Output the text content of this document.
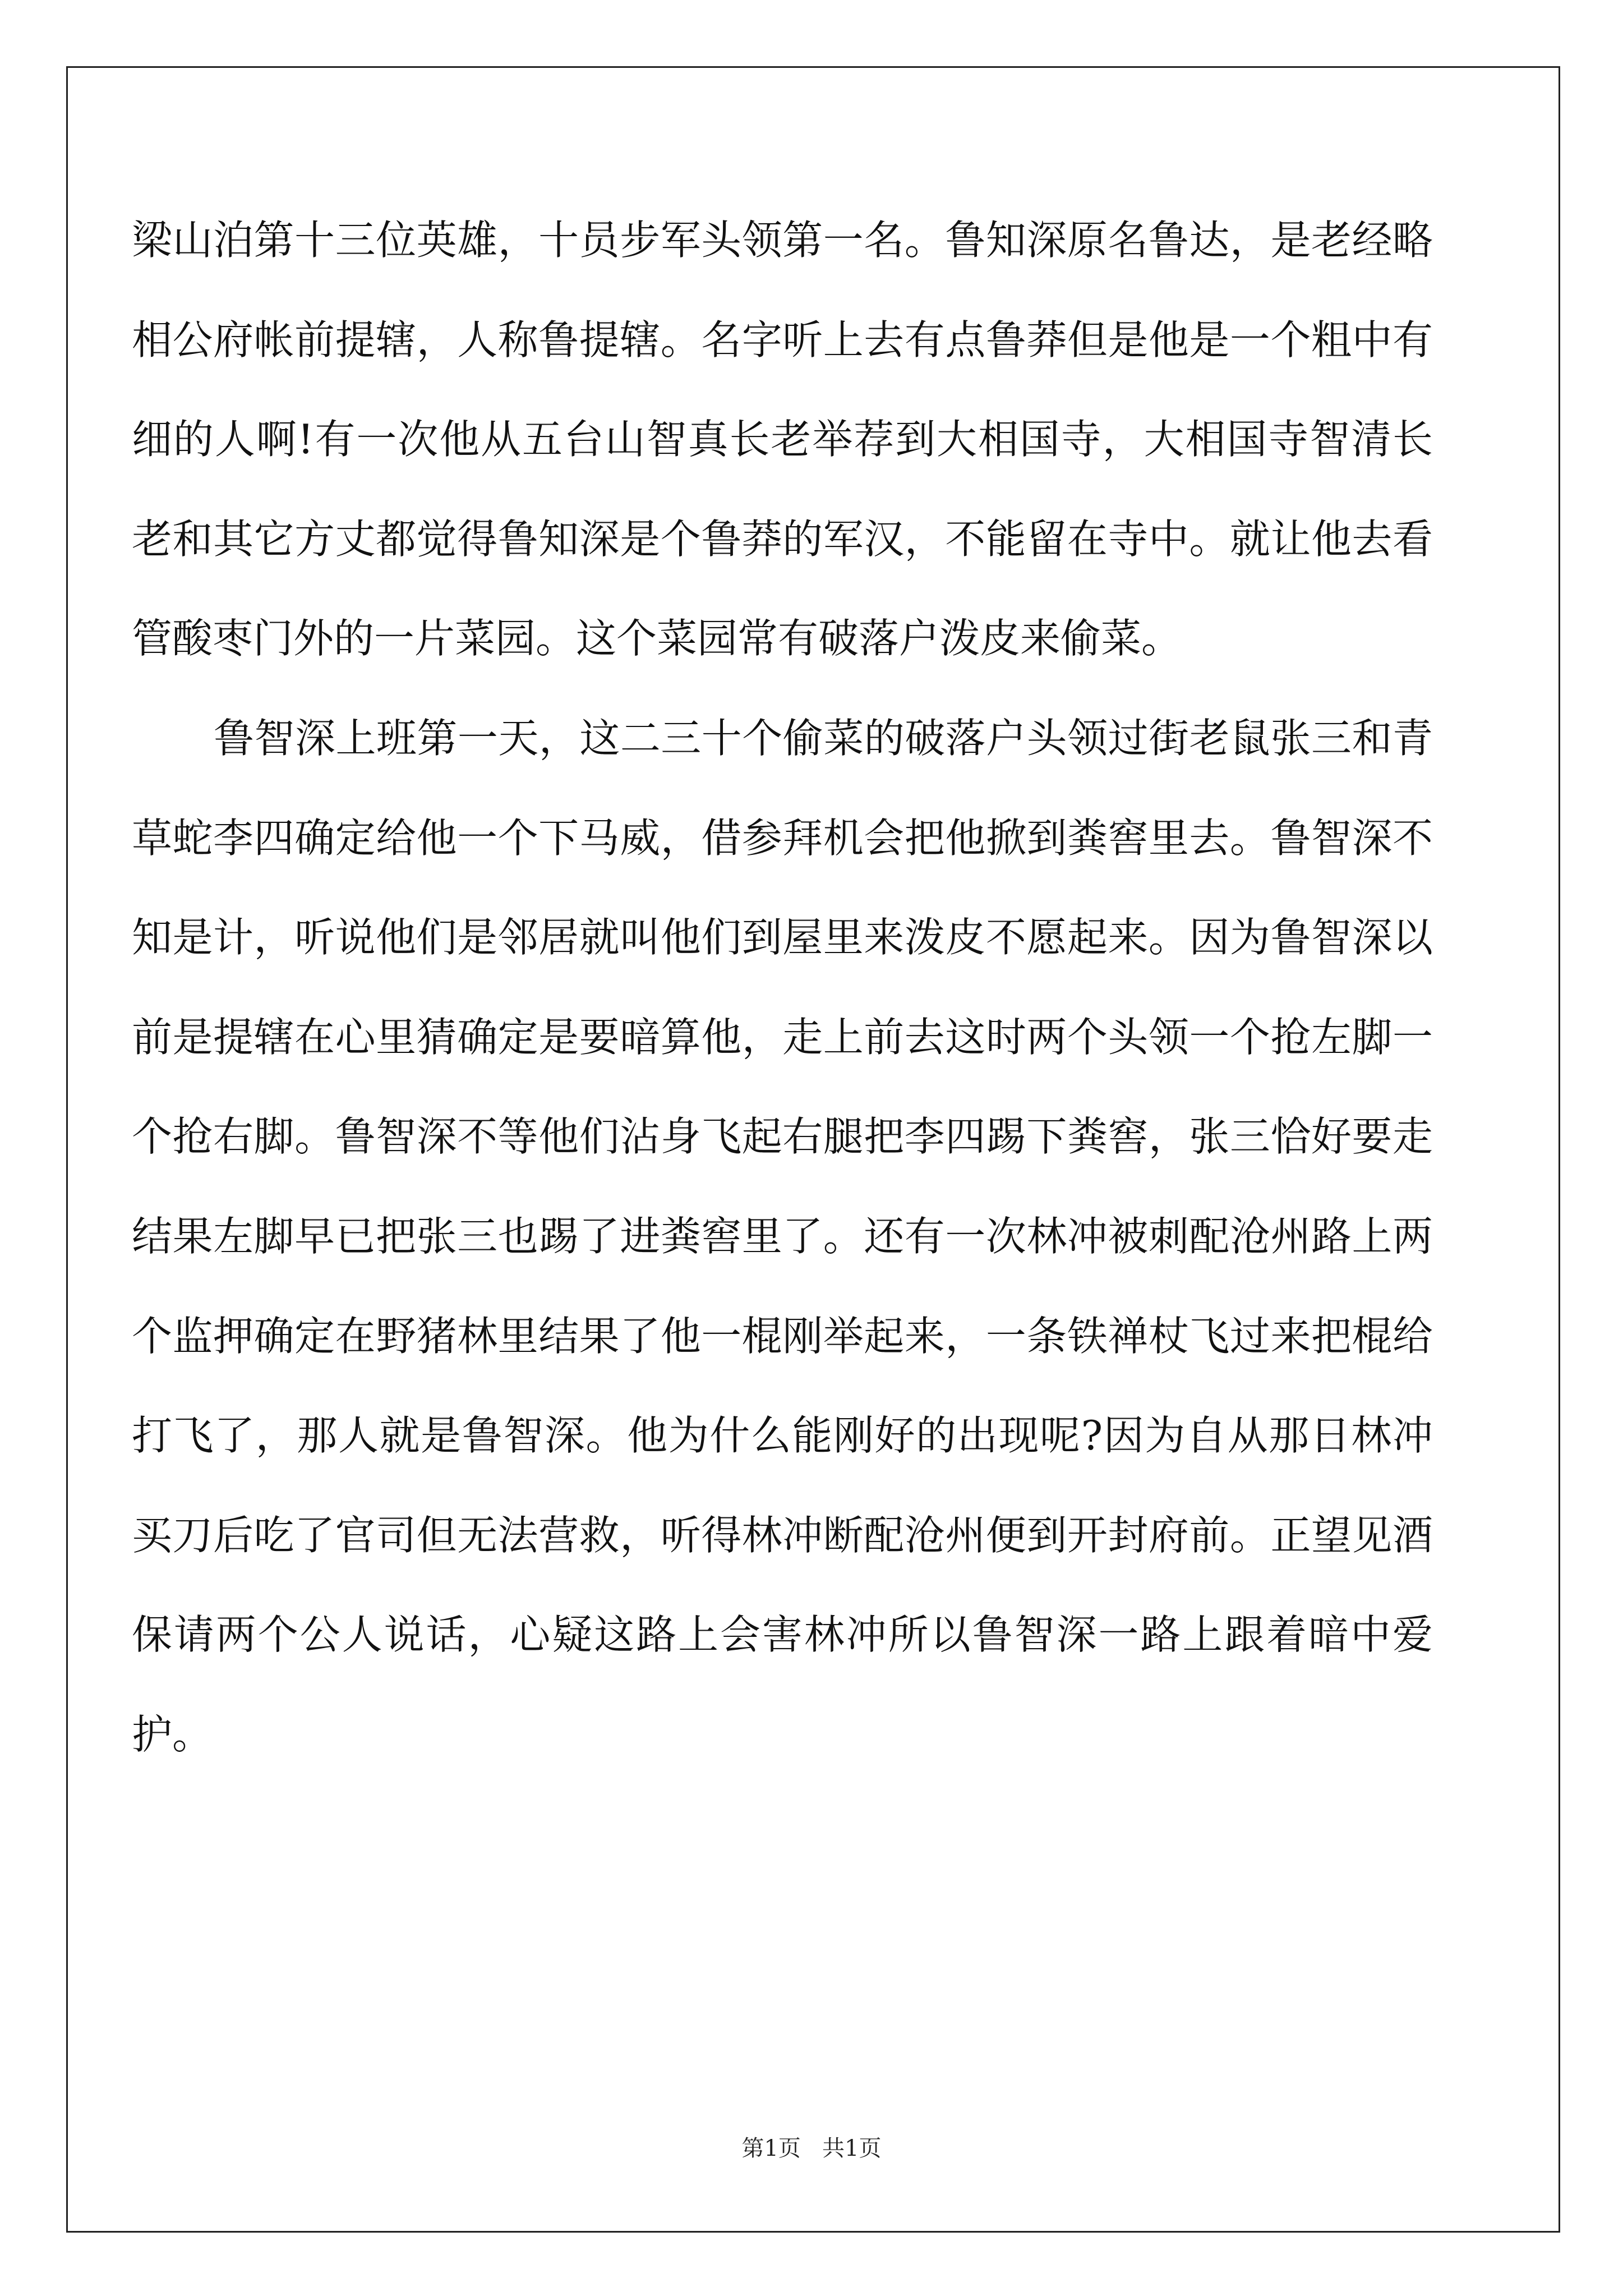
梁山泊第十三位英雄，十员步军头领第一名。鲁知深原名鲁达，是老经略相公府帐前提辖，人称鲁提辖。名字听上去有点鲁莽但是他是一个粗中有细的人啊!有一次他从五台山智真长老举荐到大相国寺，大相国寺智清长老和其它方丈都觉得鲁知深是个鲁莽的军汉，不能留在寺中。就让他去看管酸枣门外的一片菜园。这个菜园常有破落户泼皮来偷菜。

鲁智深上班第一天，这二三十个偷菜的破落户头领过街老鼠张三和青草蛇李四确定给他一个下马威，借参拜机会把他掀到粪窖里去。鲁智深不知是计，听说他们是邻居就叫他们到屋里来泼皮不愿起来。因为鲁智深以前是提辖在心里猜确定是要暗算他，走上前去这时两个头领一个抢左脚一个抢右脚。鲁智深不等他们沾身飞起右腿把李四踢下粪窖，张三恰好要走结果左脚早已把张三也踢了进粪窖里了。还有一次林冲被刺配沧州路上两个监押确定在野猪林里结果了他一棍刚举起来，一条铁禅杖飞过来把棍给打飞了，那人就是鲁智深。他为什么能刚好的出现呢?因为自从那日林冲买刀后吃了官司但无法营救，听得林冲断配沧州便到开封府前。正望见酒保请两个公人说话，心疑这路上会害林冲所以鲁智深一路上跟着暗中爱护。

第1页   共1页
